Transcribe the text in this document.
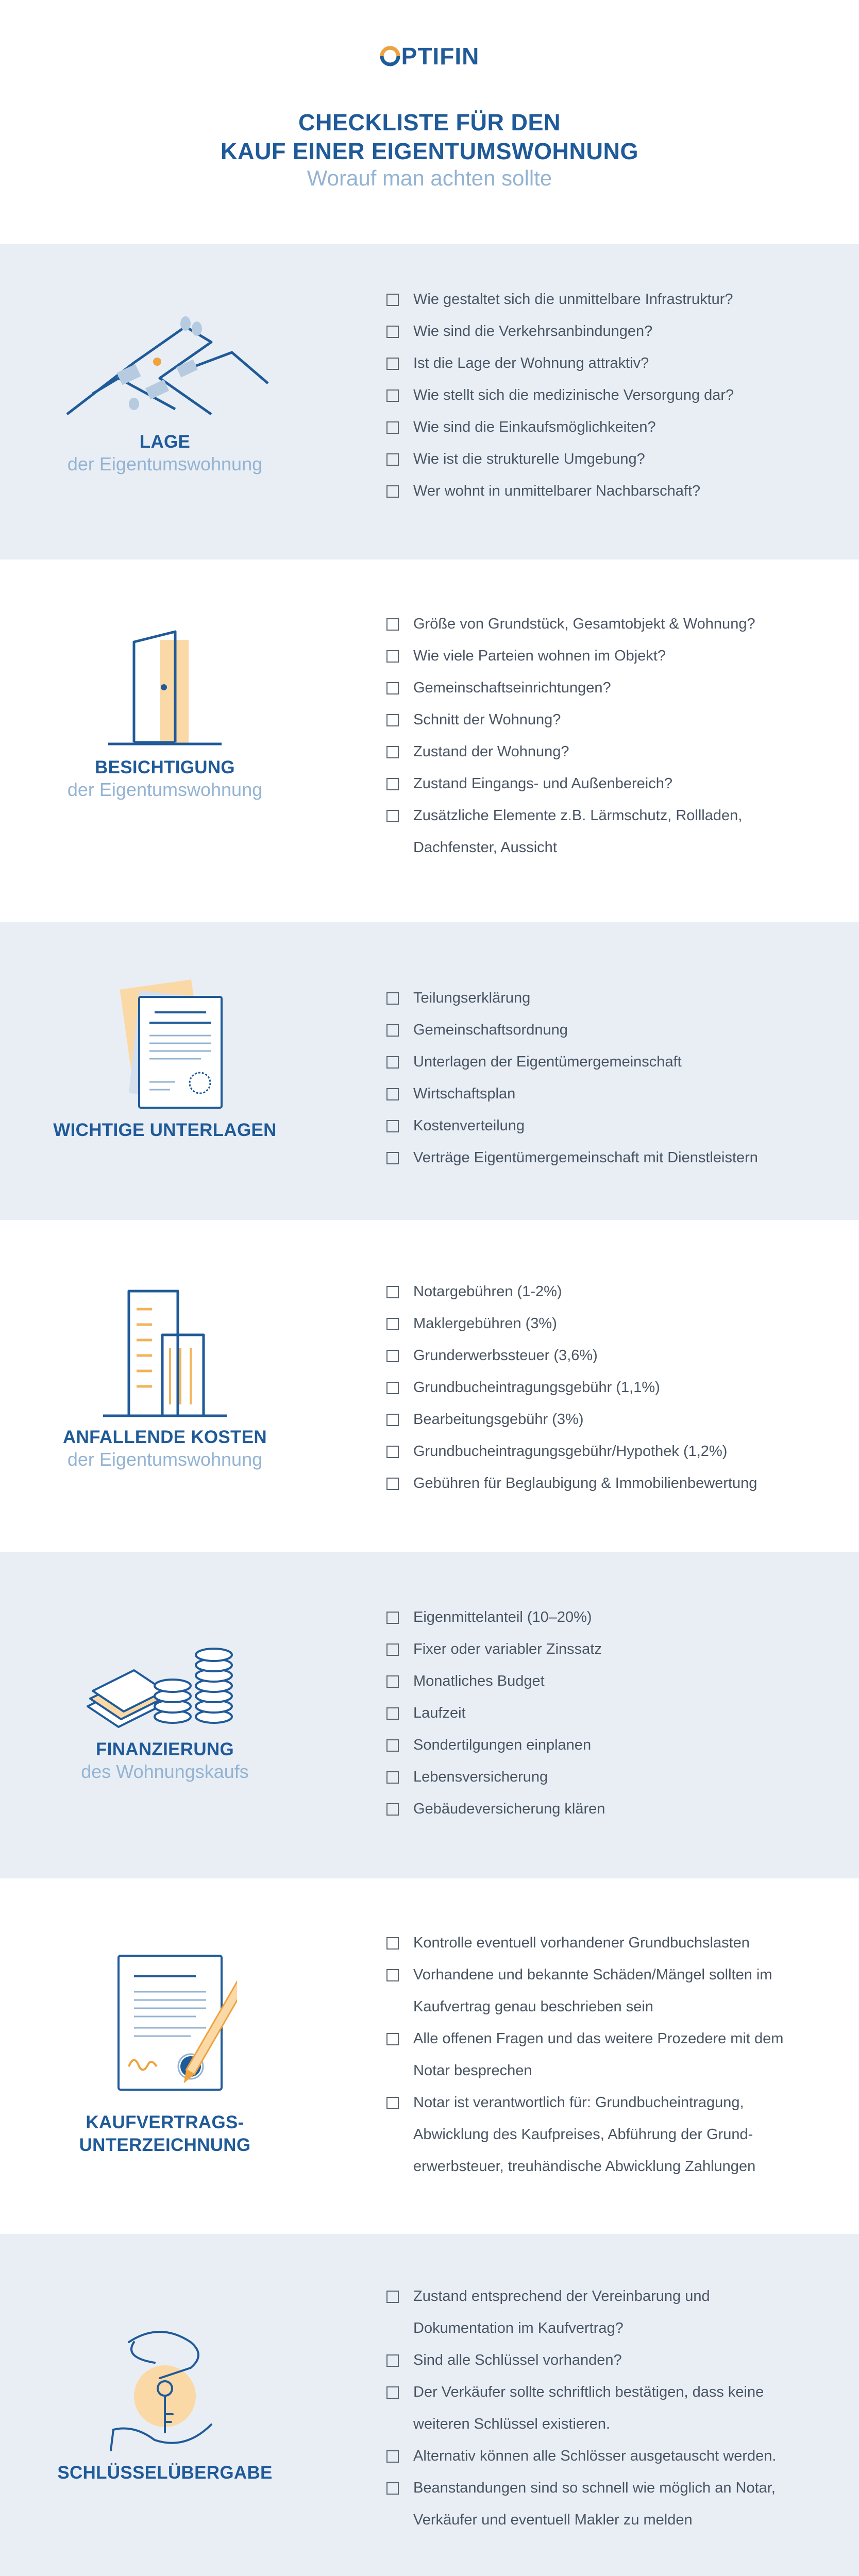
PTIFIN
CHECKLISTE FÜR DEN
KAUF EINER EIGENTUMSWOHNUNG
Worauf man achten sollte
LAGE
der Eigentumswohnung
Wie gestaltet sich die unmittelbare Infrastruktur?
Wie sind die Verkehrsanbindungen?
Ist die Lage der Wohnung attraktiv?
Wie stellt sich die medizinische Versorgung dar?
Wie sind die Einkaufsmöglichkeiten?
Wie ist die strukturelle Umgebung?
Wer wohnt in unmittelbarer Nachbarschaft?
BESICHTIGUNG
der Eigentumswohnung
Größe von Grundstück, Gesamtobjekt & Wohnung?
Wie viele Parteien wohnen im Objekt?
Gemeinschaftseinrichtungen?
Schnitt der Wohnung?
Zustand der Wohnung?
Zustand Eingangs- und Außenbereich?
Zusätzliche Elemente z.B. Lärmschutz, Rollladen, Dachfenster, Aussicht
WICHTIGE UNTERLAGEN
Teilungserklärung
Gemeinschaftsordnung
Unterlagen der Eigentümergemeinschaft
Wirtschaftsplan
Kostenverteilung
Verträge Eigentümergemeinschaft mit Dienstleistern
ANFALLENDE KOSTEN
der Eigentumswohnung
Notargebühren (1-2%)
Maklergebühren (3%)
Grunderwerbssteuer (3,6%)
Grundbucheintragungsgebühr (1,1%)
Bearbeitungsgebühr (3%)
Grundbucheintragungsgebühr/Hypothek (1,2%)
Gebühren für Beglaubigung & Immobilienbewertung
FINANZIERUNG
des Wohnungskaufs
Eigenmittelanteil (10–20%)
Fixer oder variabler Zinssatz
Monatliches Budget
Laufzeit
Sondertilgungen einplanen
Lebensversicherung
Gebäudeversicherung klären
KAUFVERTRAGS-
UNTERZEICHNUNG
Kontrolle eventuell vorhandener Grundbuchslasten
Vorhandene und bekannte Schäden/Mängel sollten im Kaufvertrag genau beschrieben sein
Alle offenen Fragen und das weitere Prozedere mit dem Notar besprechen
Notar ist verantwortlich für: Grundbucheintragung, Abwicklung des Kaufpreises, Abführung der Grund-erwerbsteuer, treuhändische Abwicklung Zahlungen
SCHLÜSSELÜBERGABE
Zustand entsprechend der Vereinbarung und Dokumentation im Kaufvertrag?
Sind alle Schlüssel vorhanden?
Der Verkäufer sollte schriftlich bestätigen, dass keine weiteren Schlüssel existieren.
Alternativ können alle Schlösser ausgetauscht werden.
Beanstandungen sind so schnell wie möglich an Notar, Verkäufer und eventuell Makler zu melden
